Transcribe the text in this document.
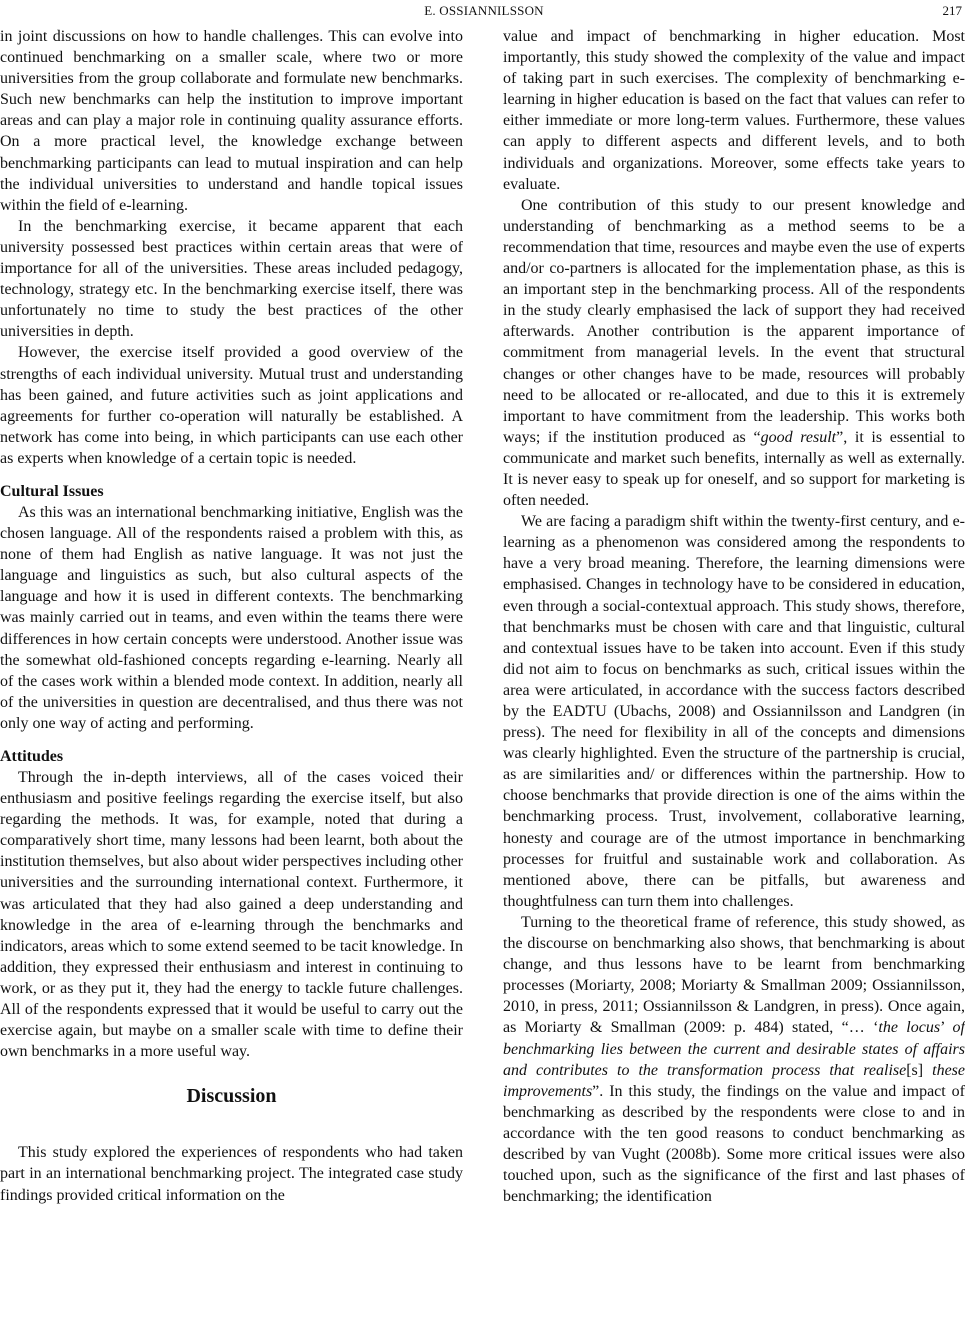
E. OSSIANNILSSON	217

in joint discussions on how to handle challenges. This can evolve into continued benchmarking on a smaller scale, where two or more universities from the group collaborate and formulate new benchmarks. Such new benchmarks can help the institution to improve important areas and can play a major role in continuing quality assurance efforts. On a more practical level, the knowledge exchange between benchmarking participants can lead to mutual inspiration and can help the individual universities to understand and handle topical issues within the field of e-learning.

In the benchmarking exercise, it became apparent that each university possessed best practices within certain areas that were of importance for all of the universities. These areas included pedagogy, technology, strategy etc. In the benchmarking exercise itself, there was unfortunately no time to study the best practices of the other universities in depth.

However, the exercise itself provided a good overview of the strengths of each individual university. Mutual trust and understanding has been gained, and future activities such as joint applications and agreements for further co-operation will naturally be established. A network has come into being, in which participants can use each other as experts when knowledge of a certain topic is needed.

Cultural Issues

As this was an international benchmarking initiative, English was the chosen language. All of the respondents raised a problem with this, as none of them had English as native language. It was not just the language and linguistics as such, but also cultural aspects of the language and how it is used in different contexts. The benchmarking was mainly carried out in teams, and even within the teams there were differences in how certain concepts were understood. Another issue was the somewhat old-fashioned concepts regarding e-learning. Nearly all of the cases work within a blended mode context. In addition, nearly all of the universities in question are decentralised, and thus there was not only one way of acting and performing.

Attitudes

Through the in-depth interviews, all of the cases voiced their enthusiasm and positive feelings regarding the exercise itself, but also regarding the methods. It was, for example, noted that during a comparatively short time, many lessons had been learnt, both about the institution themselves, but also about wider perspectives including other universities and the surrounding international context. Furthermore, it was articulated that they had also gained a deep understanding and knowledge in the area of e-learning through the benchmarks and indicators, areas which to some extend seemed to be tacit knowledge. In addition, they expressed their enthusiasm and interest in continuing to work, or as they put it, they had the energy to tackle future challenges. All of the respondents expressed that it would be useful to carry out the exercise again, but maybe on a smaller scale with time to define their own benchmarks in a more useful way.

Discussion

This study explored the experiences of respondents who had taken part in an international benchmarking project. The integrated case study findings provided critical information on the

value and impact of benchmarking in higher education. Most importantly, this study showed the complexity of the value and impact of taking part in such exercises. The complexity of benchmarking e-learning in higher education is based on the fact that values can refer to either immediate or more long-term values. Furthermore, these values can apply to different aspects and different levels, and to both individuals and organizations. Moreover, some effects take years to evaluate.

One contribution of this study to our present knowledge and understanding of benchmarking as a method seems to be a recommendation that time, resources and maybe even the use of experts and/or co-partners is allocated for the implementation phase, as this is an important step in the benchmarking process. All of the respondents in the study clearly emphasised the lack of support they had received afterwards. Another contribution is the apparent importance of commitment from managerial levels. In the event that structural changes or other changes have to be made, resources will probably need to be allocated or re-allocated, and due to this it is extremely important to have commitment from the leadership. This works both ways; if the institution produced as “good result”, it is essential to communicate and market such benefits, internally as well as externally. It is never easy to speak up for oneself, and so support for marketing is often needed.

We are facing a paradigm shift within the twenty-first century, and e-learning as a phenomenon was considered among the respondents to have a very broad meaning. Therefore, the learning dimensions were emphasised. Changes in technology have to be considered in education, even through a social-contextual approach. This study shows, therefore, that benchmarks must be chosen with care and that linguistic, cultural and contextual issues have to be taken into account. Even if this study did not aim to focus on benchmarks as such, critical issues within the area were articulated, in accordance with the success factors described by the EADTU (Ubachs, 2008) and Ossiannilsson and Landgren (in press). The need for flexibility in all of the concepts and dimensions was clearly highlighted. Even the structure of the partnership is crucial, as are similarities and/ or differences within the partnership. How to choose benchmarks that provide direction is one of the aims within the benchmarking process. Trust, involvement, collaborative learning, honesty and courage are of the utmost importance in benchmarking processes for fruitful and sustainable work and collaboration. As mentioned above, there can be pitfalls, but awareness and thoughtfulness can turn them into challenges.

Turning to the theoretical frame of reference, this study showed, as the discourse on benchmarking also shows, that benchmarking is about change, and thus lessons have to be learnt from benchmarking processes (Moriarty, 2008; Moriarty & Smallman 2009; Ossiannilsson, 2010, in press, 2011; Ossiannilsson & Landgren, in press). Once again, as Moriarty & Smallman (2009: p. 484) stated, “… ‘the locus’ of benchmarking lies between the current and desirable states of affairs and contributes to the transformation process that realise[s] these improvements”. In this study, the findings on the value and impact of benchmarking as described by the respondents were close to and in accordance with the ten good reasons to conduct benchmarking as described by van Vught (2008b). Some more critical issues were also touched upon, such as the significance of the first and last phases of benchmarking; the identification
